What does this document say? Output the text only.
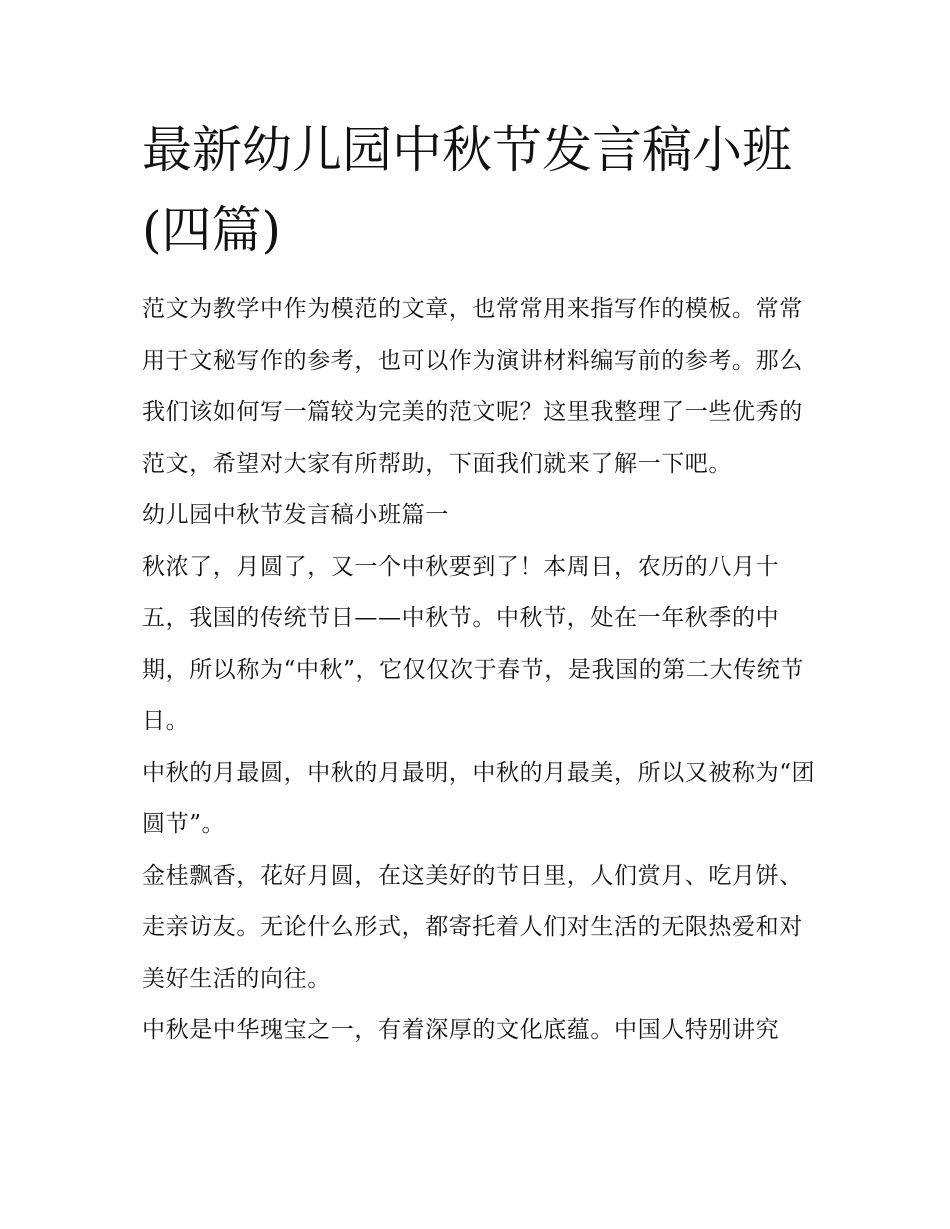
最新幼儿园中秋节发言稿小班(四篇)

范文为教学中作为模范的文章，也常常用来指写作的模板。常常用于文秘写作的参考，也可以作为演讲材料编写前的参考。那么我们该如何写一篇较为完美的范文呢？这里我整理了一些优秀的范文，希望对大家有所帮助，下面我们就来了解一下吧。

幼儿园中秋节发言稿小班篇一

秋浓了，月圆了，又一个中秋要到了！本周日，农历的八月十五，我国的传统节日——中秋节。中秋节，处在一年秋季的中期，所以称为“中秋”，它仅仅次于春节，是我国的第二大传统节日。

中秋的月最圆，中秋的月最明，中秋的月最美，所以又被称为“团圆节”。

金桂飘香，花好月圆，在这美好的节日里，人们赏月、吃月饼、走亲访友。无论什么形式，都寄托着人们对生活的无限热爱和对美好生活的向往。

中秋是中华瑰宝之一，有着深厚的文化底蕴。中国人特别讲究
